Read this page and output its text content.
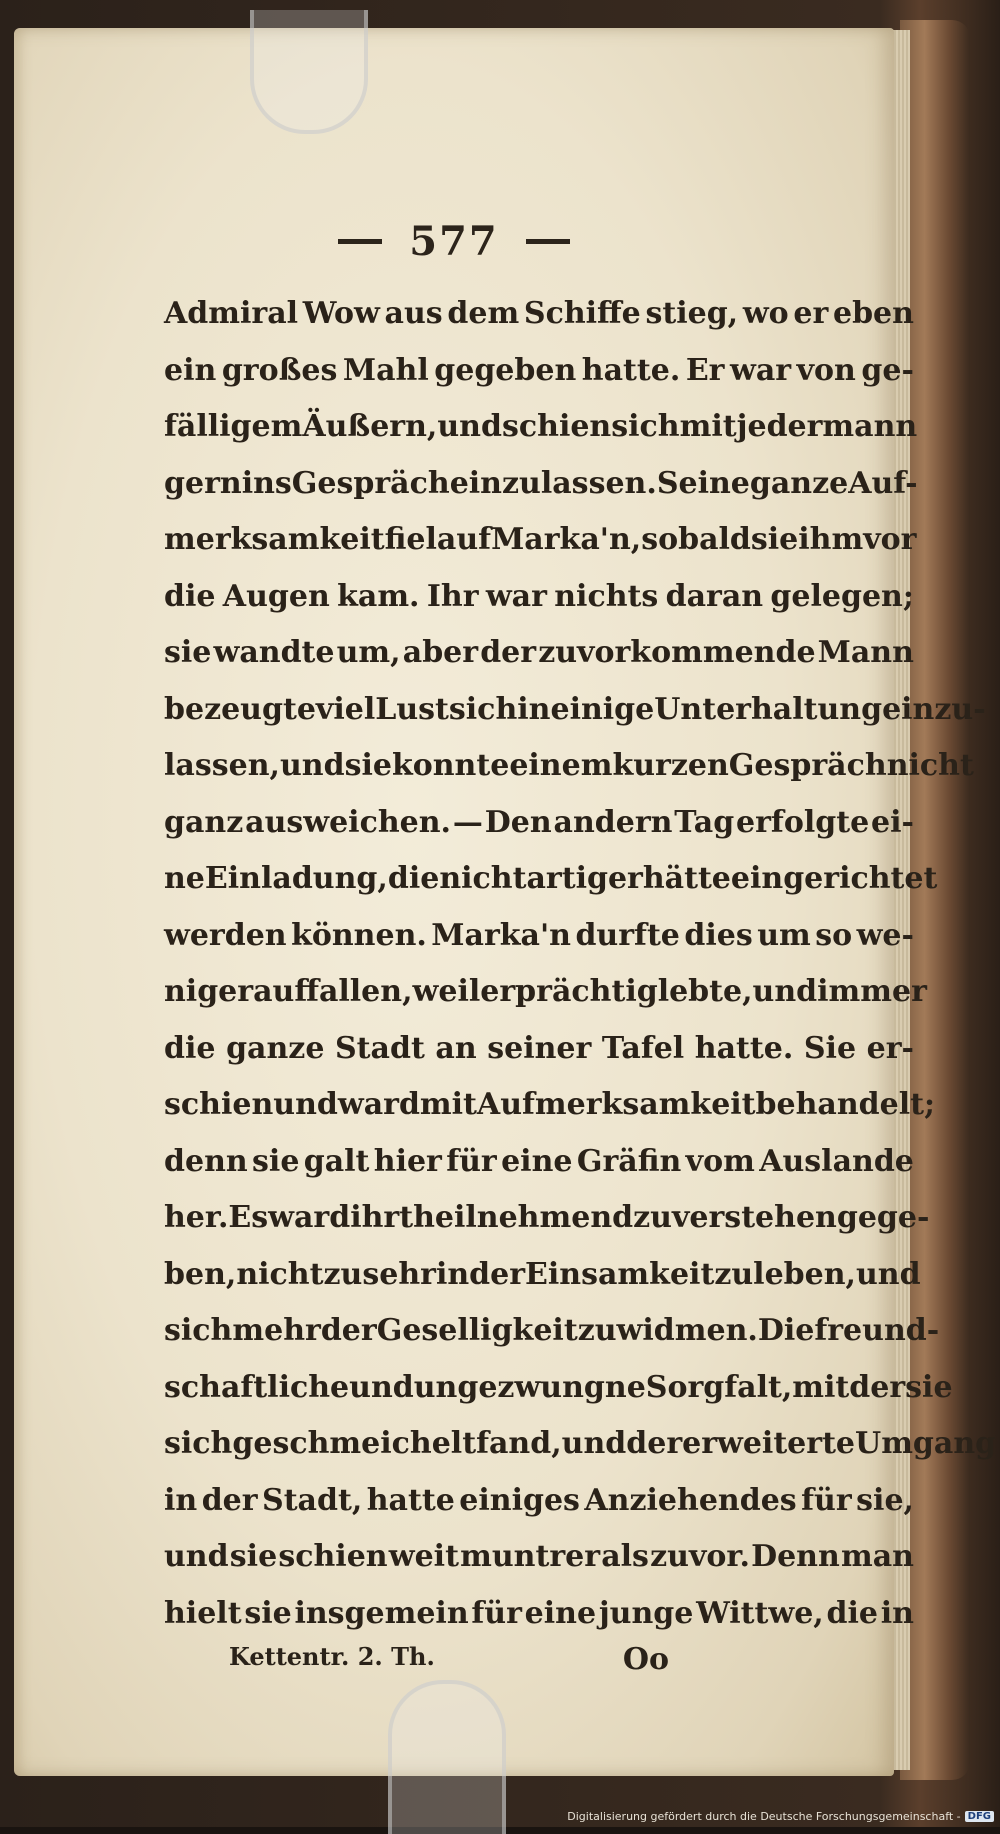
577
Admiral Wow aus dem Schiffe stieg, wo er eben
ein großes Mahl gegeben hatte. Er war von ge-
fälligem Äußern, und schien sich mit jedermann
gern ins Gespräch einzulassen. Seine ganze Auf-
merksamkeit fiel auf Marka'n, sobald sie ihm vor
die Augen kam. Ihr war nichts daran gelegen;
sie wandte um, aber der zuvorkommende Mann
bezeugte viel Lust sich in einige Unterhaltung einzu-
lassen, und sie konnte einem kurzen Gespräch nicht
ganz ausweichen. — Den andern Tag erfolgte ei-
ne Einladung, die nicht artiger hätte eingerichtet
werden können. Marka'n durfte dies um so we-
niger auffallen, weil er prächtig lebte, und immer
die ganze Stadt an seiner Tafel hatte. Sie er-
schien und ward mit Aufmerksamkeit behandelt;
denn sie galt hier für eine Gräfin vom Auslande
her. Es ward ihr theilnehmend zu verstehen gege-
ben, nicht zu sehr in der Einsamkeit zu leben, und
sich mehr der Geselligkeit zu widmen. Die freund-
schaftliche und ungezwungne Sorgfalt, mit der sie
sich geschmeichelt fand, und der erweiterte Umgang
in der Stadt, hatte einiges Anziehendes für sie,
und sie schien weit muntrer als zuvor. Denn man
hielt sie insgemein für eine junge Wittwe, die in
Kettentr. 2. Th.	Oo
Digitalisierung gefördert durch die Deutsche Forschungsgemeinschaft - DFG
